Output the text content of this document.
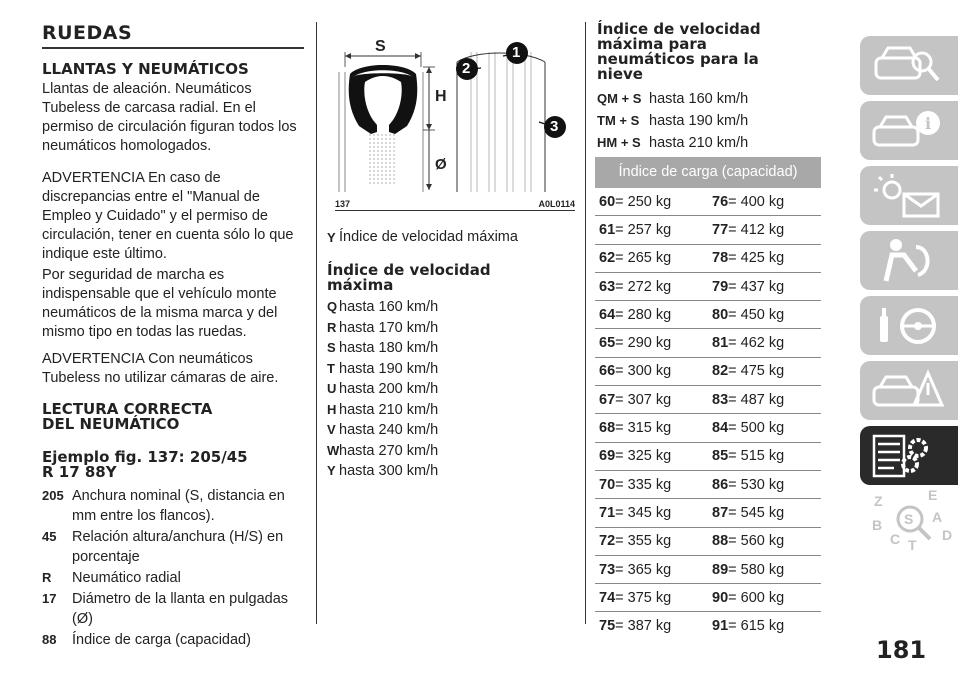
RUEDAS
LLANTAS Y NEUMÁTICOS

Llantas de aleación. Neumáticos Tubeless de carcasa radial. En el permiso de circulación figuran todos los neumáticos homologados.

ADVERTENCIA En caso de discrepancias entre el "Manual de Empleo y Cuidado" y el permiso de circulación, tener en cuenta sólo lo que indique este último.

Por seguridad de marcha es indispensable que el vehículo monte neumáticos de la misma marca y del mismo tipo en todas las ruedas.

ADVERTENCIA Con neumáticos Tubeless no utilizar cámaras de aire.

LECTURA CORRECTA
DEL NEUMÁTICO
Ejemplo fig. 137: 205/45
R 17 88Y
205 Anchura nominal (S, distancia en mm entre los flancos).
45	Relación altura/anchura (H/S) en porcentaje
R	Neumático radial
17	Diámetro de la llanta en pulgadas (Ø)
88	Índice de carga (capacidad)
S
H
Ø
2
1
3
137	A0L0114
Y Índice de velocidad máxima
Índice de velocidad
máxima
Q hasta 160 km/h
R hasta 170 km/h
S hasta 180 km/h
T hasta 190 km/h
U hasta 200 km/h
H hasta 210 km/h
V hasta 240 km/h
Whasta 270 km/h
Y hasta 300 km/h
Índice de velocidad
máxima para
neumáticos para la
nieve
QM + S hasta 160 km/h
TM + S hasta 190 km/h
HM + S hasta 210 km/h
Índice de carga (capacidad)
60= 250 kg	76= 400 kg
61= 257 kg	77= 412 kg
62= 265 kg	78= 425 kg
63= 272 kg	79= 437 kg
64= 280 kg	80= 450 kg
65= 290 kg	81= 462 kg
66= 300 kg	82= 475 kg
67= 307 kg	83= 487 kg
68= 315 kg	84= 500 kg
69= 325 kg	85= 515 kg
70= 335 kg	86= 530 kg
71= 345 kg	87= 545 kg
72= 355 kg	88= 560 kg
73= 365 kg	89= 580 kg
74= 375 kg	90= 600 kg
75= 387 kg	91= 615 kg
i
Z	E
S A
B
C T
D
181
